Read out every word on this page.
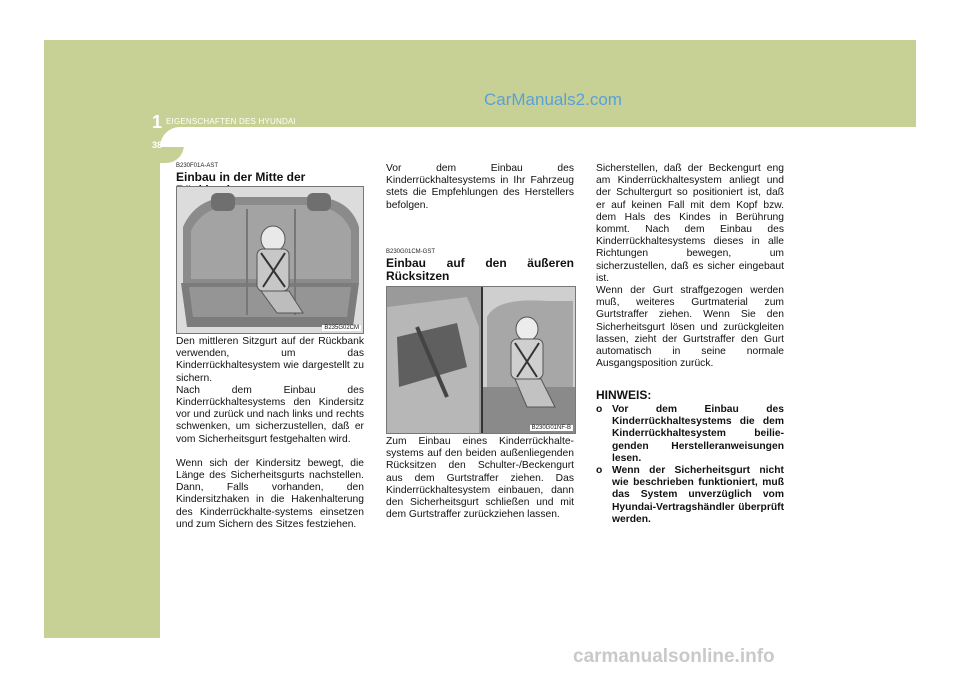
CarManuals2.com
1 EIGENSCHAFTEN DES HYUNDAI
38
B230F01A-AST
Einbau in der Mitte der
B235G02CM
Den mittleren Sitzgurt auf der Rückbank verwenden, um das Kinderrückhaltesystem wie dargestellt zu sichern.
Nach dem Einbau des Kinderrückhaltesystems den Kindersitz vor und zurück und nach links und rechts schwenken, um sicherzustellen, daß er vom Sicherheitsgurt festgehalten wird.
Wenn sich der Kindersitz bewegt, die Länge des Sicherheitsgurts nachstellen. Dann, Falls vorhanden, den Kindersitzhaken in die Hakenhalterung des Kinderrückhalte-systems einsetzen und zum Sichern des Sitzes festziehen.
Vor dem Einbau des Kinderrückhaltesystems in Ihr Fahrzeug stets die Empfehlungen des Herstellers befolgen.
B230G01CM-GST
Einbau auf den äußeren Rücksitzen
B230G01NF-B
Zum Einbau eines Kinderrückhalte-systems auf den beiden außenliegenden Rücksitzen den Schulter-/Beckengurt aus dem Gurtstraffer ziehen. Das Kinderrückhaltesystem einbauen, dann den Sicherheitsgurt schließen und mit dem Gurtstraffer zurückziehen lassen.
Sicherstellen, daß der Beckengurt eng am Kinderrückhaltesystem anliegt und der Schultergurt so positioniert ist, daß er auf keinen Fall mit dem Kopf bzw. dem Hals des Kindes in Berührung kommt. Nach dem Einbau des Kinderrückhaltesystems dieses in alle Richtungen bewegen, um sicherzustellen, daß es sicher eingebaut ist.
Wenn der Gurt straffgezogen werden muß, weiteres Gurtmaterial zum Gurtstraffer ziehen. Wenn Sie den Sicherheitsgurt lösen und zurückgleiten lassen, zieht der Gurtstraffer den Gurt automatisch in seine normale Ausgangsposition zurück.
HINWEIS:
o Vor dem Einbau des Kinderrückhaltesystems die dem Kinderrückhaltesystem beilie-genden Herstelleranweisungen lesen.
o Wenn der Sicherheitsgurt nicht wie beschrieben funktioniert, muß das System unverzüglich vom Hyundai-Vertragshändler überprüft werden.
carmanualsonline.info
